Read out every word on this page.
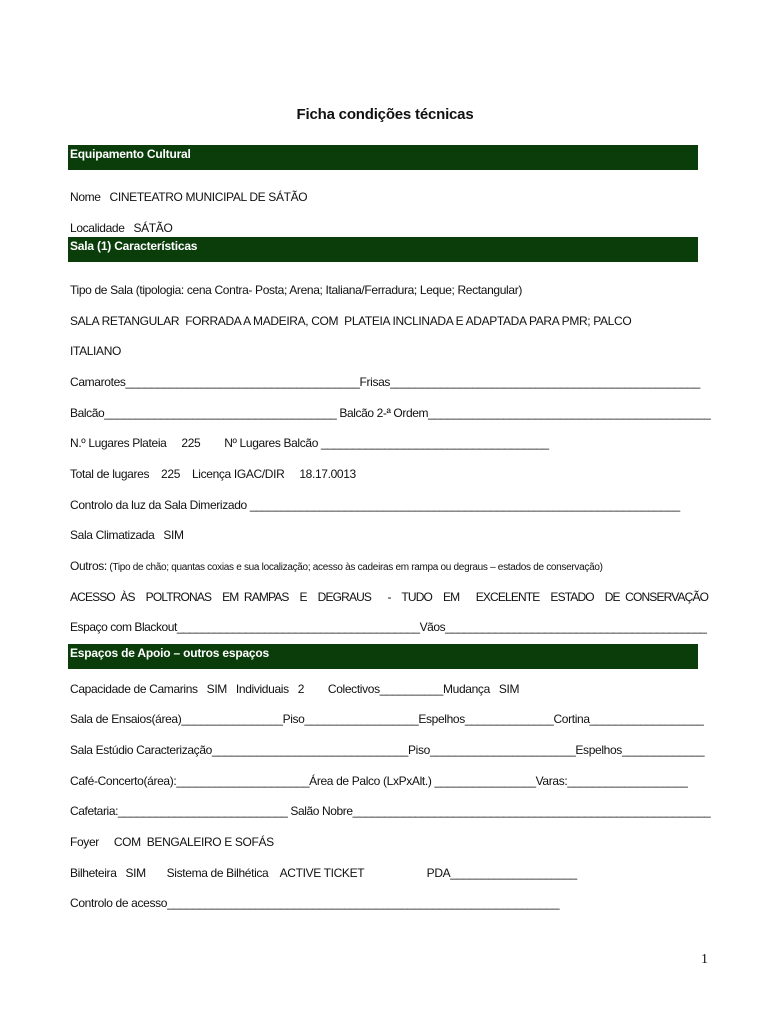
Ficha condições técnicas
Equipamento Cultural
Nome   CINETEATRO MUNICIPAL DE SÁTÃO
Localidade   SÁTÃO
Sala (1) Características
Tipo de Sala (tipologia: cena Contra- Posta; Arena; Italiana/Ferradura; Leque; Rectangular)
SALA RETANGULAR  FORRADA A MADEIRA, COM  PLATEIA INCLINADA E ADAPTADA PARA PMR; PALCO
ITALIANO
Camarotes_____________________________________Frisas_________________________________________________
Balcão_____________________________________ Balcão 2-ª Ordem_____________________________________________
N.º Lugares Plateia     225        Nº Lugares Balcão ____________________________________
Total de lugares    225    Licença IGAC/DIR     18.17.0013
Controlo da luz da Sala Dimerizado ____________________________________________________________________
Sala Climatizada   SIM
Outros: (Tipo de chão; quantas coxias e sua localização; acesso às cadeiras em rampa ou degraus – estados de conservação)
ACESSO ÀS  POLTRONAS  EM RAMPAS  E  DEGRAUS   -  TUDO  EM   EXCELENTE  ESTADO  DE CONSERVAÇÃO
Espaço com Blackout_______________________________________Vãos__________________________________________
Espaços de Apoio – outros espaços
Capacidade de Camarins   SIM   Individuais   2        Colectivos__________Mudança   SIM
Sala de Ensaios(área)________________Piso__________________Espelhos______________Cortina__________________
Sala Estúdio Caracterização_______________________________Piso_______________________Espelhos_____________
Café-Concerto(área):_____________________Área de Palco (LxPxAlt.) ________________Varas:___________________
Cafetaria:___________________________ Salão Nobre_________________________________________________________
Foyer     COM  BENGALEIRO E SOFÁS
Bilheteira   SIM       Sistema de Bilhética    ACTIVE TICKET                     PDA____________________
Controlo de acesso______________________________________________________________
1
